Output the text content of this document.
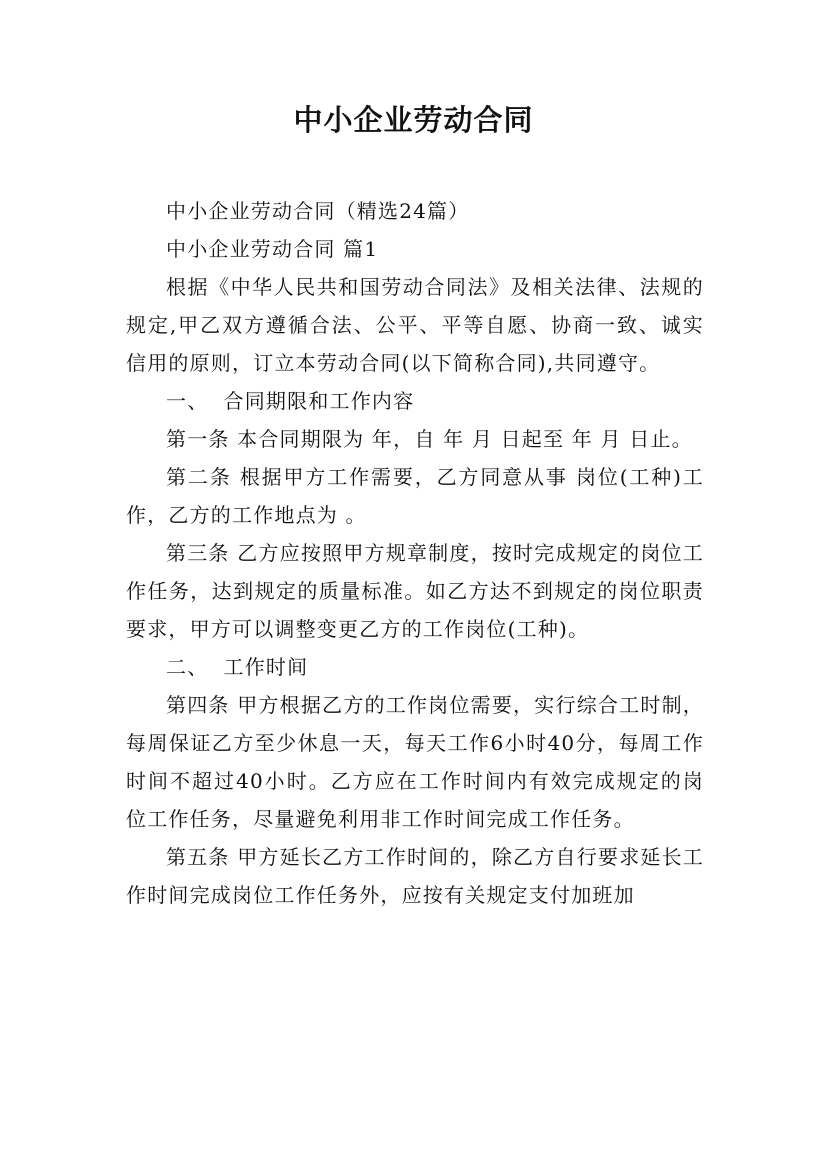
中小企业劳动合同

中小企业劳动合同（精选24篇）

中小企业劳动合同 篇1

根据《中华人民共和国劳动合同法》及相关法律、法规的规定,甲乙双方遵循合法、公平、平等自愿、协商一致、诚实信用的原则，订立本劳动合同(以下简称合同),共同遵守。

一、  合同期限和工作内容

第一条 本合同期限为 年，自 年 月 日起至 年 月 日止。

第二条 根据甲方工作需要，乙方同意从事 岗位(工种)工作，乙方的工作地点为 。

第三条 乙方应按照甲方规章制度，按时完成规定的岗位工作任务，达到规定的质量标准。如乙方达不到规定的岗位职责要求，甲方可以调整变更乙方的工作岗位(工种)。

二、  工作时间

第四条 甲方根据乙方的工作岗位需要，实行综合工时制，每周保证乙方至少休息一天，每天工作6小时40分，每周工作时间不超过40小时。乙方应在工作时间内有效完成规定的岗位工作任务，尽量避免利用非工作时间完成工作任务。

第五条 甲方延长乙方工作时间的，除乙方自行要求延长工作时间完成岗位工作任务外，应按有关规定支付加班加
